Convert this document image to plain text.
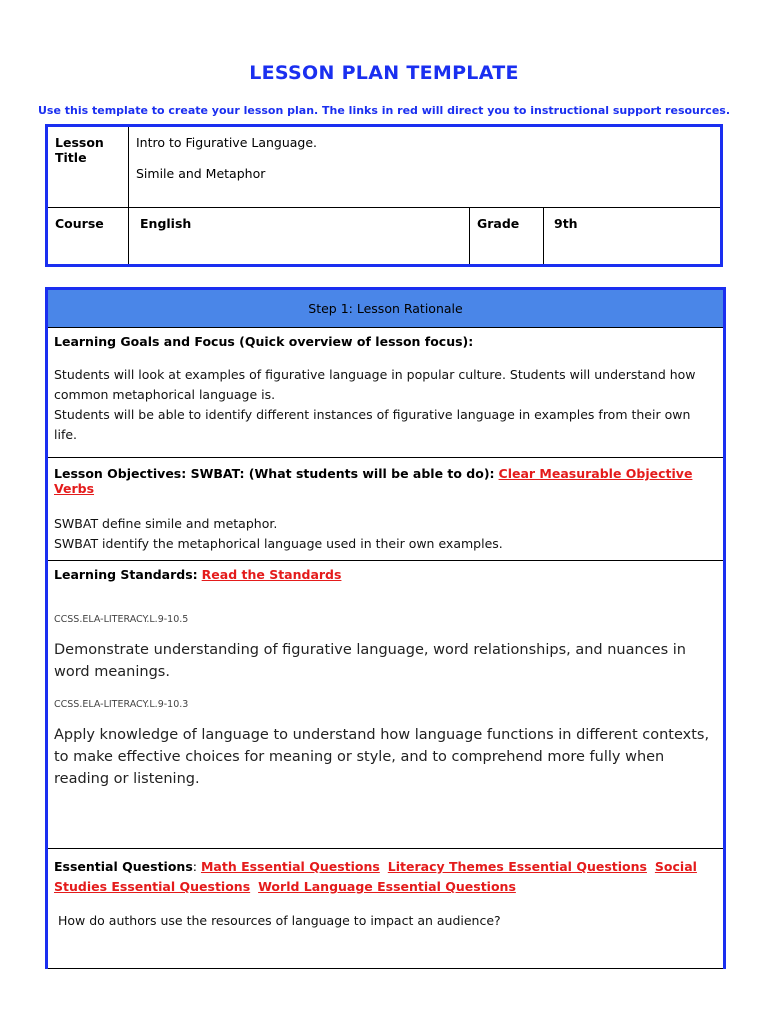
LESSON PLAN TEMPLATE
Use this template to create your lesson plan. The links in red will direct you to instructional support resources.
Lesson Title	Intro to Figurative Language.
Simile and Metaphor		

Course	English	Grade	9th
Step 1: Lesson Rationale

Learning Goals and Focus (Quick overview of lesson focus):
Students will look at examples of figurative language in popular culture. Students will understand how common metaphorical language is.
Students will be able to identify different instances of figurative language in examples from their own life.

Lesson Objectives: SWBAT: (What students will be able to do): Clear Measurable Objective Verbs
SWBAT define simile and metaphor.
SWBAT identify the metaphorical language used in their own examples.

Learning Standards: Read the Standards
CCSS.ELA-LITERACY.L.9-10.5
Demonstrate understanding of figurative language, word relationships, and nuances in word meanings.
CCSS.ELA-LITERACY.L.9-10.3
Apply knowledge of language to understand how language functions in different contexts, to make effective choices for meaning or style, and to comprehend more fully when reading or listening.

Essential Questions: Math Essential Questions Literacy Themes Essential Questions Social Studies Essential Questions World Language Essential Questions
How do authors use the resources of language to impact an audience?
